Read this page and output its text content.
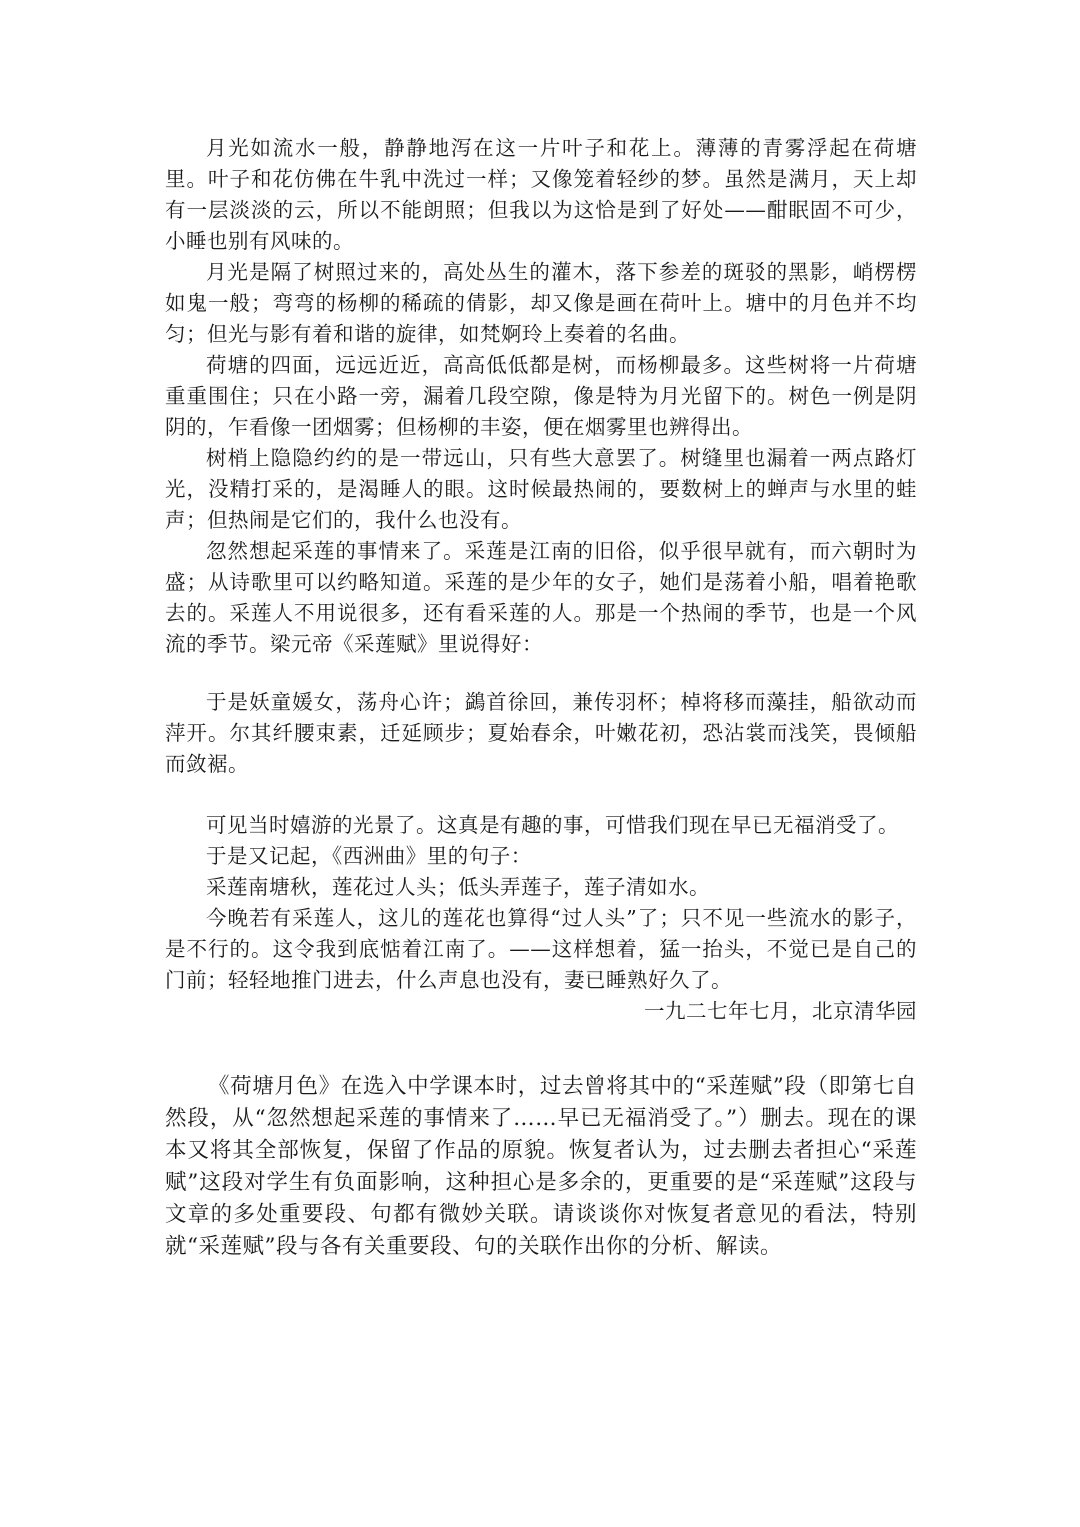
月光如流水一般，静静地泻在这一片叶子和花上。薄薄的青雾浮起在荷塘里。叶子和花仿佛在牛乳中洗过一样；又像笼着轻纱的梦。虽然是满月，天上却有一层淡淡的云，所以不能朗照；但我以为这恰是到了好处——酣眠固不可少，小睡也别有风味的。

月光是隔了树照过来的，高处丛生的灌木，落下参差的斑驳的黑影，峭楞楞如鬼一般；弯弯的杨柳的稀疏的倩影，却又像是画在荷叶上。塘中的月色并不均匀；但光与影有着和谐的旋律，如梵婀玲上奏着的名曲。

荷塘的四面，远远近近，高高低低都是树，而杨柳最多。这些树将一片荷塘重重围住；只在小路一旁，漏着几段空隙，像是特为月光留下的。树色一例是阴阴的，乍看像一团烟雾；但杨柳的丰姿，便在烟雾里也辨得出。

树梢上隐隐约约的是一带远山，只有些大意罢了。树缝里也漏着一两点路灯光，没精打采的，是渴睡人的眼。这时候最热闹的，要数树上的蝉声与水里的蛙声；但热闹是它们的，我什么也没有。

忽然想起采莲的事情来了。采莲是江南的旧俗，似乎很早就有，而六朝时为盛；从诗歌里可以约略知道。采莲的是少年的女子，她们是荡着小船，唱着艳歌去的。采莲人不用说很多，还有看采莲的人。那是一个热闹的季节，也是一个风流的季节。梁元帝《采莲赋》里说得好：

于是妖童媛女，荡舟心许；鷁首徐回，兼传羽杯；棹将移而藻挂，船欲动而萍开。尔其纤腰束素，迁延顾步；夏始春余，叶嫩花初，恐沾裳而浅笑，畏倾船而敛裾。

可见当时嬉游的光景了。这真是有趣的事，可惜我们现在早已无福消受了。

于是又记起，《西洲曲》里的句子：

采莲南塘秋，莲花过人头；低头弄莲子，莲子清如水。

今晚若有采莲人，这儿的莲花也算得“过人头”了；只不见一些流水的影子，是不行的。这令我到底惦着江南了。——这样想着，猛一抬头，不觉已是自己的门前；轻轻地推门进去，什么声息也没有，妻已睡熟好久了。

一九二七年七月，北京清华园

《荷塘月色》在选入中学课本时，过去曾将其中的“采莲赋”段（即第七自然段，从“忽然想起采莲的事情来了……早已无福消受了。”）删去。现在的课本又将其全部恢复，保留了作品的原貌。恢复者认为，过去删去者担心“采莲赋”这段对学生有负面影响，这种担心是多余的，更重要的是“采莲赋”这段与文章的多处重要段、句都有微妙关联。请谈谈你对恢复者意见的看法，特别就“采莲赋”段与各有关重要段、句的关联作出你的分析、解读。
